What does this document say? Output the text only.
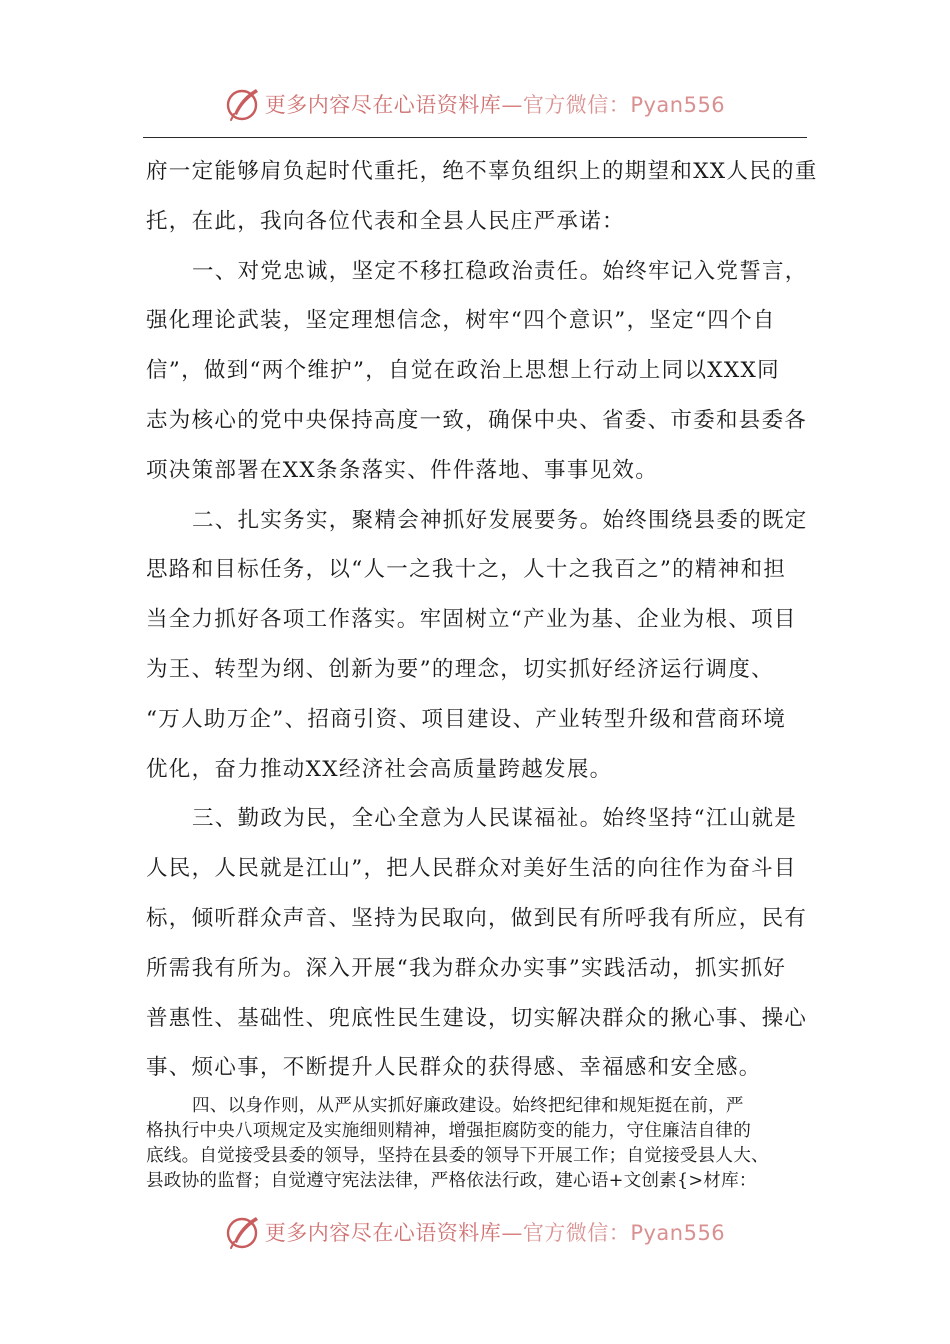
更多内容尽在心语资料库—官方微信：Pyan556
府一定能够肩负起时代重托，绝不辜负组织上的期望和XX人民的重
托，在此，我向各位代表和全县人民庄严承诺：
一、对党忠诚，坚定不移扛稳政治责任。始终牢记入党誓言，
强化理论武装，坚定理想信念，树牢“四个意识”，坚定“四个自
信”，做到“两个维护”，自觉在政治上思想上行动上同以XXX同
志为核心的党中央保持高度一致，确保中央、省委、市委和县委各
项决策部署在XX条条落实、件件落地、事事见效。
二、扎实务实，聚精会神抓好发展要务。始终围绕县委的既定
思路和目标任务，以“人一之我十之，人十之我百之”的精神和担
当全力抓好各项工作落实。牢固树立“产业为基、企业为根、项目
为王、转型为纲、创新为要”的理念，切实抓好经济运行调度、
“万人助万企”、招商引资、项目建设、产业转型升级和营商环境
优化，奋力推动XX经济社会高质量跨越发展。
三、勤政为民，全心全意为人民谋福祉。始终坚持“江山就是
人民，人民就是江山”，把人民群众对美好生活的向往作为奋斗目
标，倾听群众声音、坚持为民取向，做到民有所呼我有所应，民有
所需我有所为。深入开展“我为群众办实事”实践活动，抓实抓好
普惠性、基础性、兜底性民生建设，切实解决群众的揪心事、操心
事、烦心事，不断提升人民群众的获得感、幸福感和安全感。
四、以身作则，从严从实抓好廉政建设。始终把纪律和规矩挺在前，严
格执行中央八项规定及实施细则精神，增强拒腐防变的能力，守住廉洁自律的
底线。自觉接受县委的领导，坚持在县委的领导下开展工作；自觉接受县人大、
县政协的监督；自觉遵守宪法法律，严格依法行政，建心语+文创素{>材库：
更多内容尽在心语资料库—官方微信：Pyan556
